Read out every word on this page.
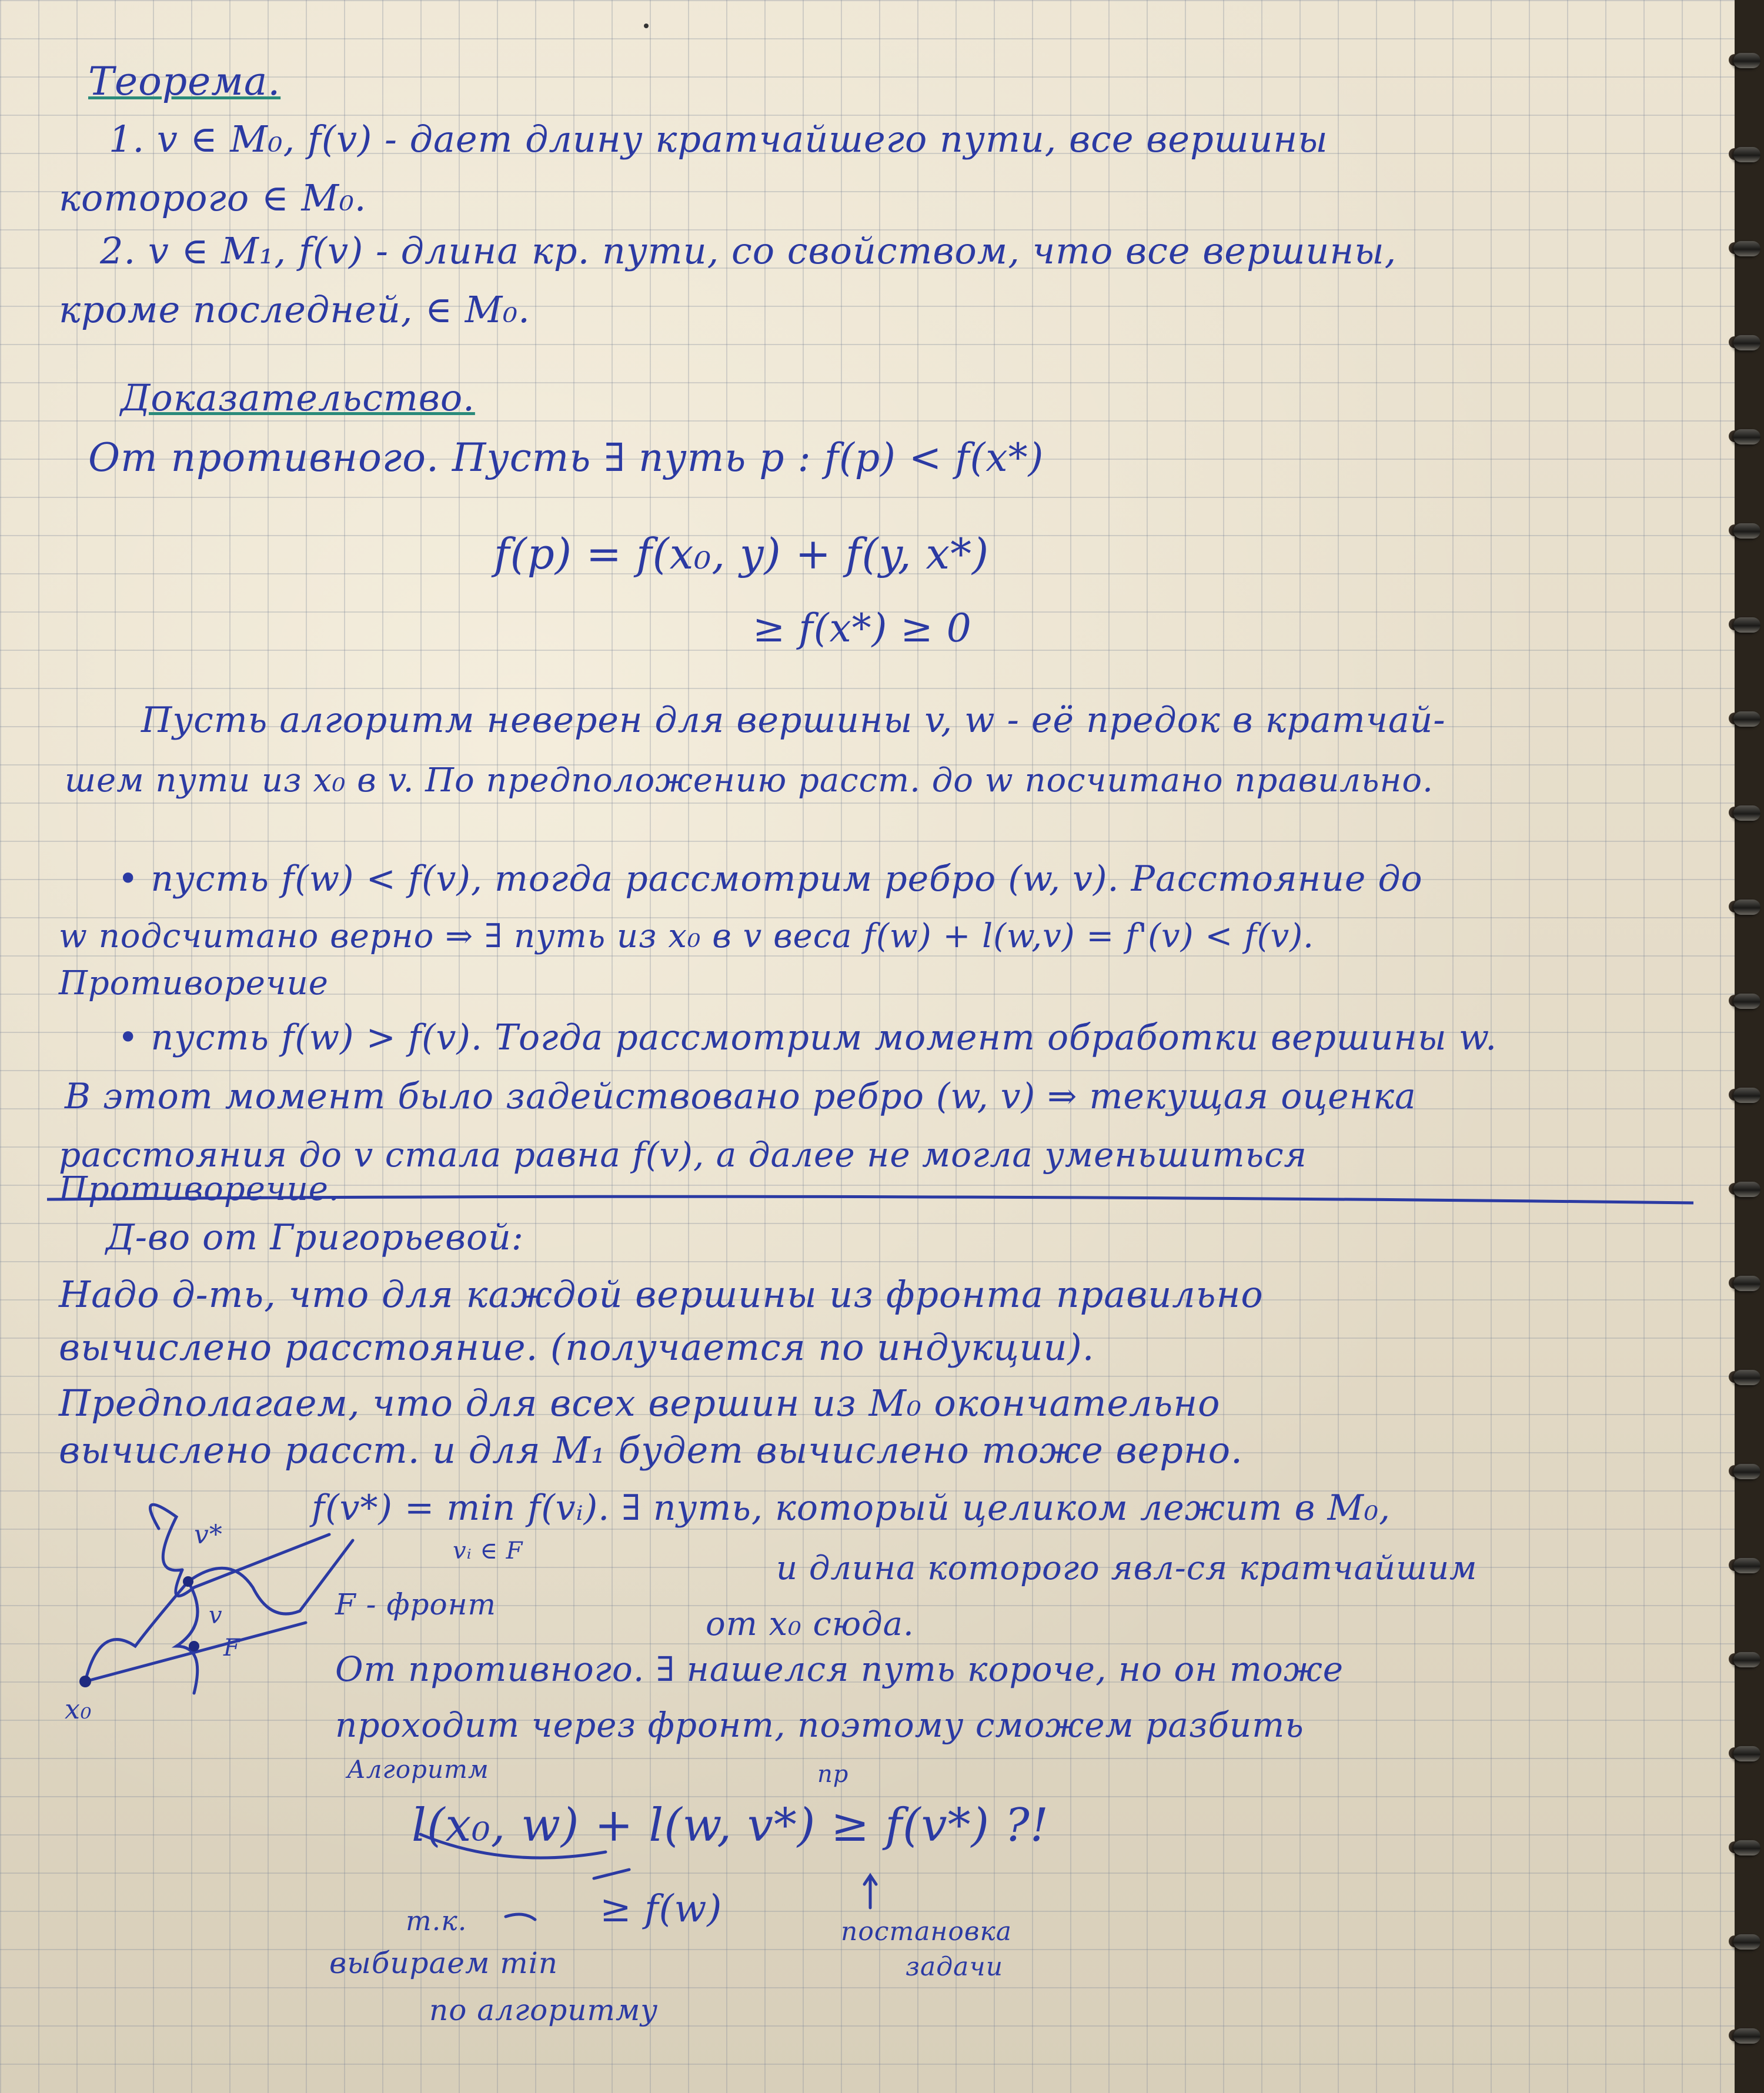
Теорема.
1. v ∈ M₀, f(v) - дает длину кратчайшего пути, все вершины
которого ∈ M₀.
2. v ∈ M₁, f(v) - длина кр. пути, со свойством, что все вершины,
кроме последней, ∈ M₀.
Доказательство.
От противного. Пусть ∃ путь p : f(p) < f(x*)
f(p) = f(x₀, y) + f(y, x*)
≥ f(x*) ≥ 0
Пусть алгоритм неверен для вершины v, w - её предок в кратчай-
шем пути из x₀ в v. По предположению расст. до w посчитано правильно.
• пусть f(w) < f(v), тогда рассмотрим ребро (w, v). Расстояние до
w подсчитано верно ⇒ ∃ путь из x₀ в v веса f(w) + l(w,v) = f'(v) < f(v).
Противоречие
• пусть f(w) > f(v). Тогда рассмотрим момент обработки вершины w.
В этот момент было задействовано ребро (w, v) ⇒ текущая оценка
расстояния до v стала равна f(v), а далее не могла уменьшиться
Противоречие.
Д-во от Григорьевой:
Надо д-ть, что для каждой вершины из фронта правильно
вычислено расстояние. (получается по индукции).
Предполагаем, что для всех вершин из M₀ окончательно
вычислено расст. и для M₁ будет вычислено тоже верно.
f(v*) = min f(vᵢ). ∃ путь, который целиком лежит в M₀,
vᵢ ∈ F	и длина которого явл-ся кратчайшим
F - фронт
от x₀ сюда.
От противного. ∃ нашелся путь короче, но он тоже
проходит через фронт, поэтому сможем разбить
Алгоритм	пр
l(x₀, w) + l(w, v*) ≥ f(v*) ?!
≥ f(w)
т.к.
выбираем min
по алгоритму
постановка
задачи
v*
v
F
x₀
